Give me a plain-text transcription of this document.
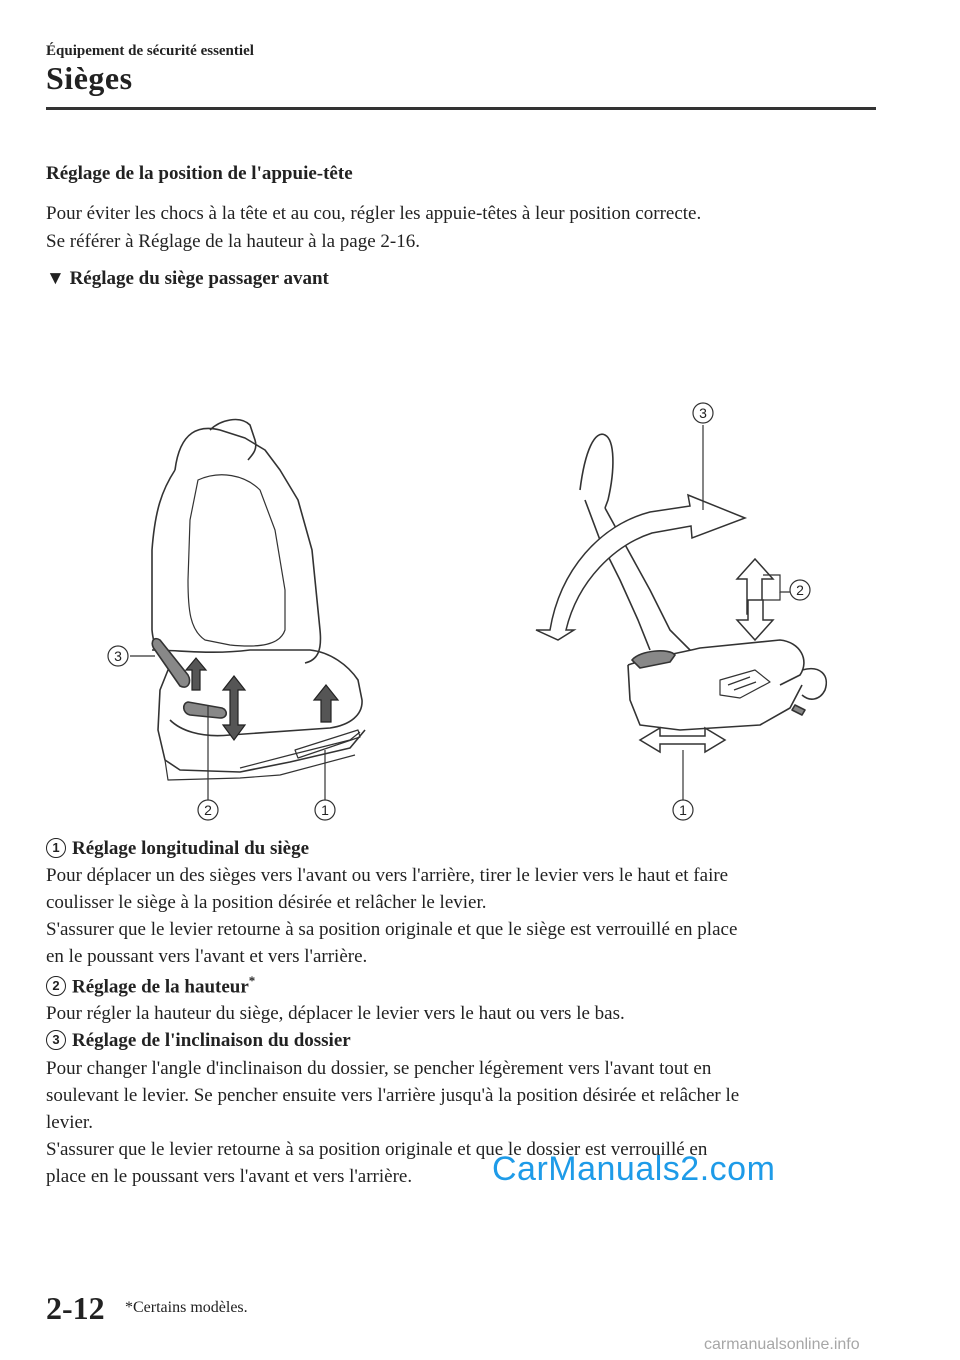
Équipement de sécurité essentiel
Sièges
Réglage de la position de l'appuie-tête
Pour éviter les chocs à la tête et au cou, régler les appuie-têtes à leur position correcte.
Se référer à Réglage de la hauteur à la page 2-16.
▼ Réglage du siège passager avant
3
2	1
3
2
1
1 Réglage longitudinal du siège
Pour déplacer un des sièges vers l'avant ou vers l'arrière, tirer le levier vers le haut et faire
coulisser le siège à la position désirée et relâcher le levier.
S'assurer que le levier retourne à sa position originale et que le siège est verrouillé en place
en le poussant vers l'avant et vers l'arrière.
2 Réglage de la hauteur*
Pour régler la hauteur du siège, déplacer le levier vers le haut ou vers le bas.
3 Réglage de l'inclinaison du dossier
Pour changer l'angle d'inclinaison du dossier, se pencher légèrement vers l'avant tout en
soulevant le levier. Se pencher ensuite vers l'arrière jusqu'à la position désirée et relâcher le
levier.
S'assurer que le levier retourne à sa position originale et que le dossier est verrouillé en
place en le poussant vers l'avant et vers l'arrière.	CarManuals2.com
2-12 *Certains modèles.
carmanualsonline.info
